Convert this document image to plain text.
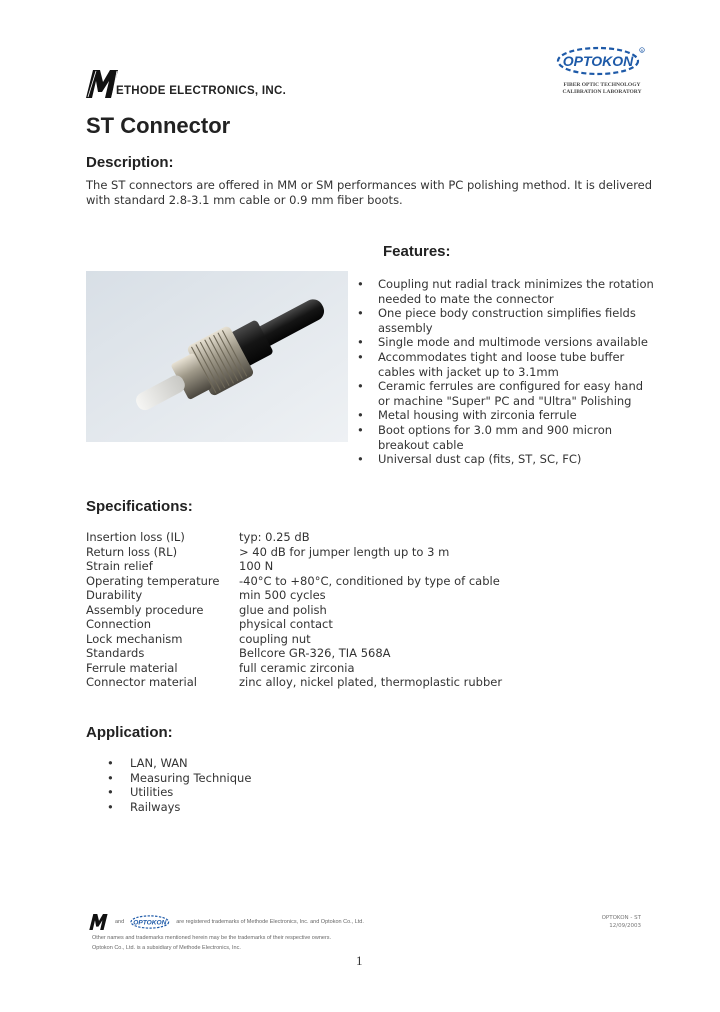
ETHODE ELECTRONICS, INC.
OPTOKON
R
FIBER OPTIC TECHNOLOGY
CALIBRATION LABORATORY
ST Connector
Description:
The ST connectors are offered in MM or SM performances with PC polishing method. It is delivered with standard 2.8-3.1 mm cable or 0.9 mm fiber boots.
Features:
• Coupling nut radial track minimizes the rotation needed to mate the connector
• One piece body construction simplifies fields assembly
• Single mode and multimode versions available
• Accommodates tight and loose tube buffer cables with jacket up to 3.1mm
• Ceramic ferrules are configured for easy hand or machine "Super" PC and "Ultra" Polishing
• Metal housing with zirconia ferrule
• Boot options for 3.0 mm and 900 micron breakout cable
• Universal dust cap (fits, ST, SC, FC)
Specifications:
Insertion loss (IL)	typ: 0.25 dB
Return loss (RL)	> 40 dB for jumper length up to 3 m
Strain relief	100 N
Operating temperature	-40°C to +80°C, conditioned by type of cable
Durability	min 500 cycles
Assembly procedure	glue and polish
Connection	physical contact
Lock mechanism	coupling nut
Standards	Bellcore GR-326, TIA 568A
Ferrule material	full ceramic zirconia
Connector material	zinc alloy, nickel plated, thermoplastic rubber
Application:
• LAN, WAN
• Measuring Technique
• Utilities
• Railways
and OPTOKON are registered trademarks of Methode Electronics, Inc. and Optokon Co., Ltd.
Other names and trademarks mentioned herein may be the trademarks of their respective owners.
Optokon Co., Ltd. is a subsidiary of Methode Electronics, Inc.
OPTOKON - ST
12/09/2003
1
